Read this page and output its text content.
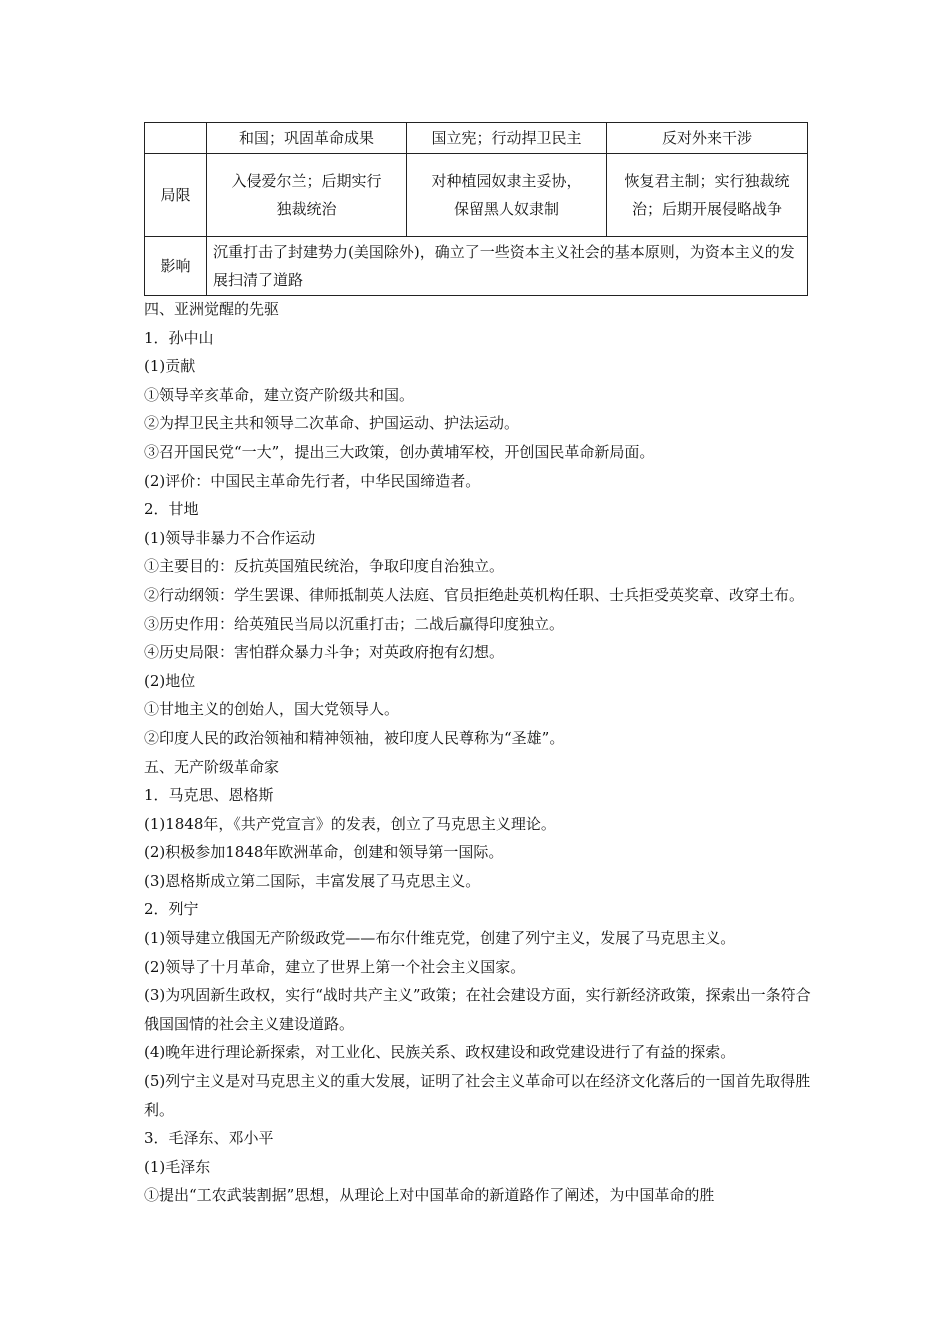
	和国；巩固革命成果	国立宪；行动捍卫民主	反对外来干涉
局限	入侵爱尔兰；后期实行独裁统治	对种植园奴隶主妥协，保留黑人奴隶制	恢复君主制；实行独裁统治；后期开展侵略战争
影响	沉重打击了封建势力(美国除外)，确立了一些资本主义社会的基本原则，为资本主义的发展扫清了道路		
四、亚洲觉醒的先驱
1．孙中山
(1)贡献
①领导辛亥革命，建立资产阶级共和国。
②为捍卫民主共和领导二次革命、护国运动、护法运动。
③召开国民党“一大”，提出三大政策，创办黄埔军校，开创国民革命新局面。
(2)评价：中国民主革命先行者，中华民国缔造者。
2．甘地
(1)领导非暴力不合作运动
①主要目的：反抗英国殖民统治，争取印度自治独立。
②行动纲领：学生罢课、律师抵制英人法庭、官员拒绝赴英机构任职、士兵拒受英奖章、改穿土布。
③历史作用：给英殖民当局以沉重打击；二战后赢得印度独立。
④历史局限：害怕群众暴力斗争；对英政府抱有幻想。
(2)地位
①甘地主义的创始人，国大党领导人。
②印度人民的政治领袖和精神领袖，被印度人民尊称为“圣雄”。
五、无产阶级革命家
1．马克思、恩格斯
(1)1848年，《共产党宣言》的发表，创立了马克思主义理论。
(2)积极参加1848年欧洲革命，创建和领导第一国际。
(3)恩格斯成立第二国际，丰富发展了马克思主义。
2．列宁
(1)领导建立俄国无产阶级政党——布尔什维克党，创建了列宁主义，发展了马克思主义。
(2)领导了十月革命，建立了世界上第一个社会主义国家。
(3)为巩固新生政权，实行“战时共产主义”政策；在社会建设方面，实行新经济政策，探索出一条符合俄国国情的社会主义建设道路。
(4)晚年进行理论新探索，对工业化、民族关系、政权建设和政党建设进行了有益的探索。
(5)列宁主义是对马克思主义的重大发展，证明了社会主义革命可以在经济文化落后的一国首先取得胜利。
3．毛泽东、邓小平
(1)毛泽东
①提出“工农武装割据”思想，从理论上对中国革命的新道路作了阐述，为中国革命的胜
